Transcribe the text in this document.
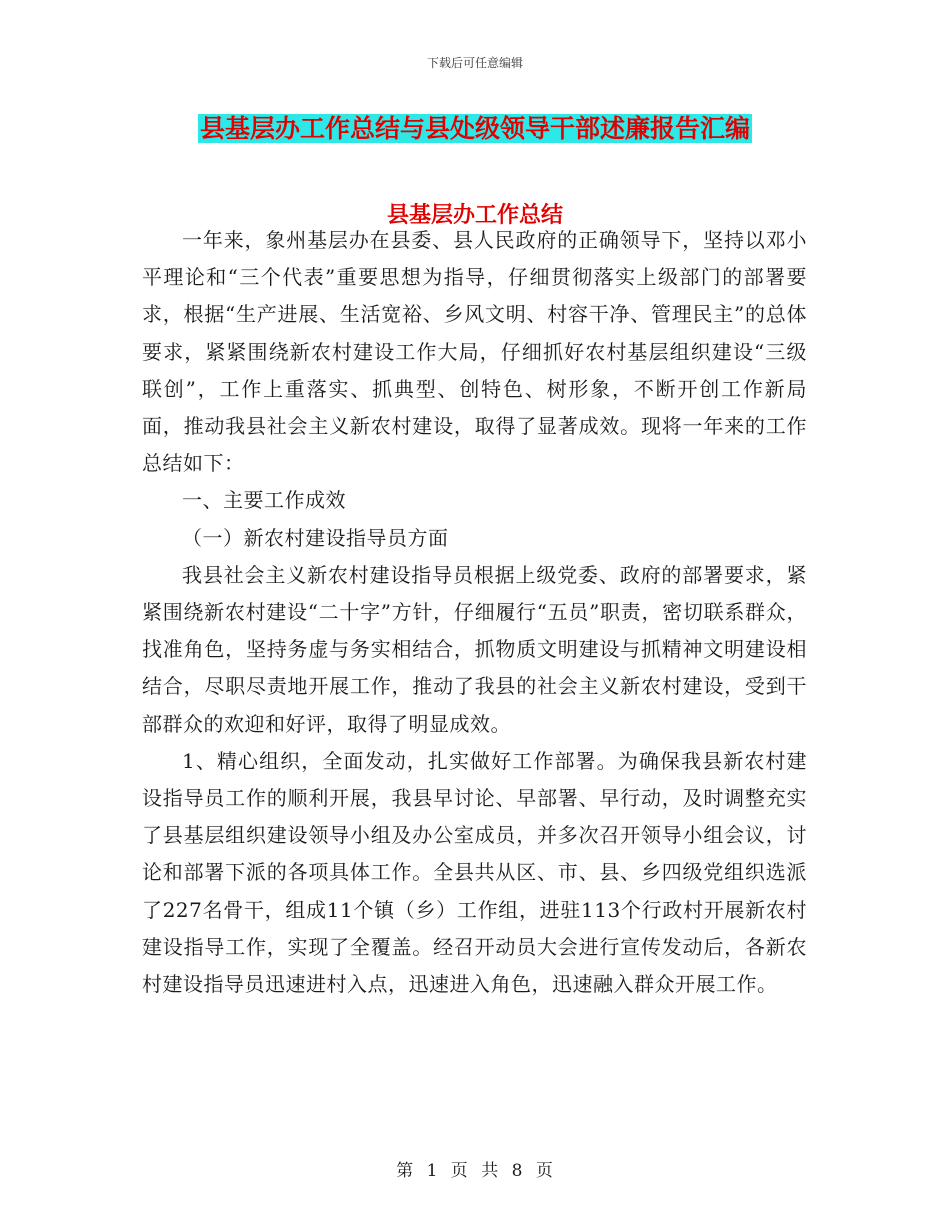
下载后可任意编辑
县基层办工作总结与县处级领导干部述廉报告汇编
县基层办工作总结

一年来，象州基层办在县委、县人民政府的正确领导下，坚持以邓小平理论和“三个代表”重要思想为指导，仔细贯彻落实上级部门的部署要求，根据“生产进展、生活宽裕、乡风文明、村容干净、管理民主”的总体要求，紧紧围绕新农村建设工作大局，仔细抓好农村基层组织建设“三级联创”，工作上重落实、抓典型、创特色、树形象，不断开创工作新局面，推动我县社会主义新农村建设，取得了显著成效。现将一年来的工作总结如下：

一、主要工作成效

（一）新农村建设指导员方面

我县社会主义新农村建设指导员根据上级党委、政府的部署要求，紧紧围绕新农村建设“二十字”方针，仔细履行“五员”职责，密切联系群众，找准角色，坚持务虚与务实相结合，抓物质文明建设与抓精神文明建设相结合，尽职尽责地开展工作，推动了我县的社会主义新农村建设，受到干部群众的欢迎和好评，取得了明显成效。

1、精心组织，全面发动，扎实做好工作部署。为确保我县新农村建设指导员工作的顺利开展，我县早讨论、早部署、早行动，及时调整充实了县基层组织建设领导小组及办公室成员，并多次召开领导小组会议，讨论和部署下派的各项具体工作。全县共从区、市、县、乡四级党组织选派了227名骨干，组成11个镇（乡）工作组，进驻113个行政村开展新农村建设指导工作，实现了全覆盖。经召开动员大会进行宣传发动后，各新农村建设指导员迅速进村入点，迅速进入角色，迅速融入群众开展工作。

第 1 页 共 8 页
